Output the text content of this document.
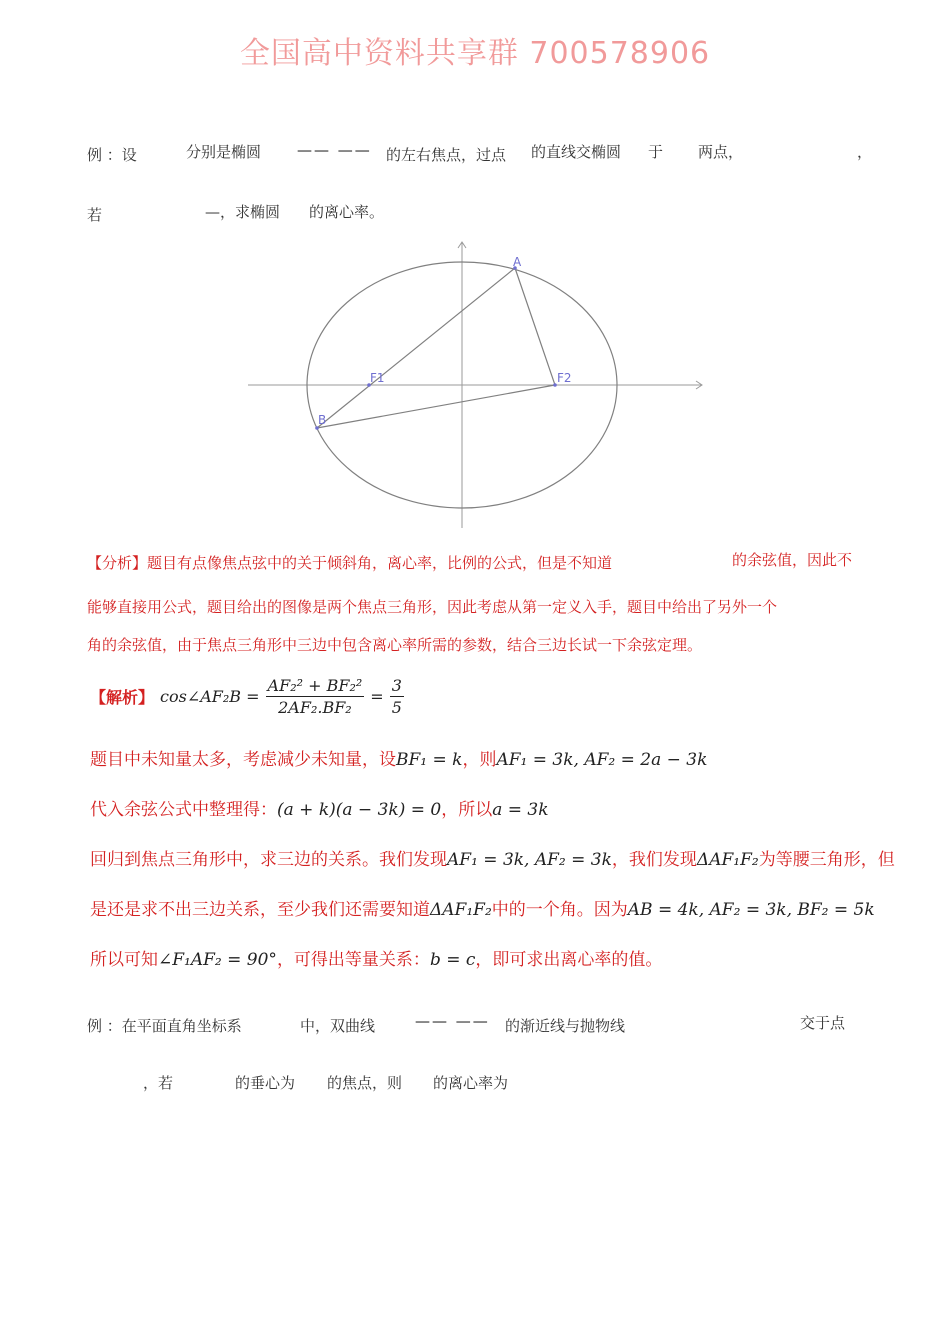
全国高中资料共享群 700578906
例 ：设	分别是椭圆 —— —— 的左右焦点，过点 的直线交椭圆 于 两点，	，
若	—，求椭圆 的离心率。
A
B
F1	F2
【分析】题目有点像焦点弦中的关于倾斜角，离心率，比例的公式，但是不知道	的余弦值，因此不
能够直接用公式，题目给出的图像是两个焦点三角形，因此考虑从第一定义入手，题目中给出了另外一个
角的余弦值，由于焦点三角形中三边中包含离心率所需的参数，结合三边长试一下余弦定理。
【解析】 cos∠AF₂B = $\frac{\text{AF₂² + BF₂²}}{\text{2AF₂.BF₂}} = \frac{3}{5}$
题目中未知量太多，考虑减少未知量，设BF₁ = k，则AF₁ = 3k, AF₂ = 2a − 3k
代入余弦公式中整理得：(a + k)(a − 3k) = 0，所以a = 3k
回归到焦点三角形中，求三边的关系。我们发现AF₁ = 3k, AF₂ = 3k，我们发现ΔAF₁F₂为等腰三角形，但
是还是求不出三边关系，至少我们还需要知道ΔAF₁F₂中的一个角。因为AB = 4k, AF₂ = 3k, BF₂ = 5k
所以可知∠F₁AF₂ = 90°，可得出等量关系：b = c，即可求出离心率的值。
例 ：在平面直角坐标系	中，双曲线	—— —— 的渐近线与抛物线	交于点
，若	的垂心为 的焦点，则 的离心率为
